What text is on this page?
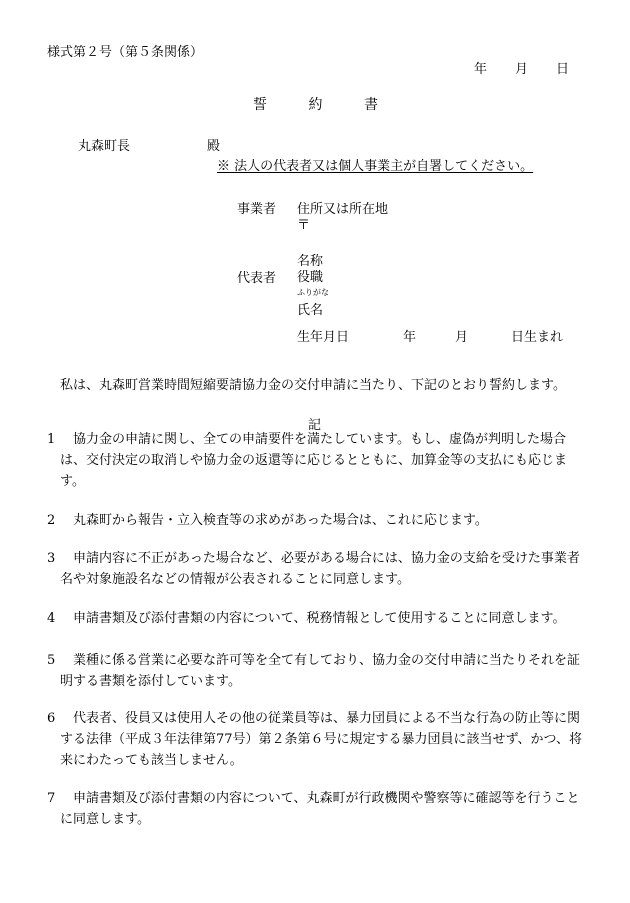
様式第２号（第５条関係）
年 月 日
誓	約	書
丸森町長	殿
※ 法人の代表者又は個人事業主が自署してください。
事業者 住所又は所在地
〒
名称
代表者 役職
ふりがな
氏名
生年月日	年	月	日生まれ
私は、丸森町営業時間短縮要請協力金の交付申請に当たり、下記のとおり誓約します。
記
1	協力金の申請に関し、全ての申請要件を満たしています。もし、虚偽が判明した場合は、交付決定の取消しや協力金の返還等に応じるとともに、加算金等の支払にも応じます。
2	丸森町から報告・立入検査等の求めがあった場合は、これに応じます。
3	申請内容に不正があった場合など、必要がある場合には、協力金の支給を受けた事業者名や対象施設名などの情報が公表されることに同意します。
4	申請書類及び添付書類の内容について、税務情報として使用することに同意します。
5	業種に係る営業に必要な許可等を全て有しており、協力金の交付申請に当たりそれを証明する書類を添付しています。
6	代表者、役員又は使用人その他の従業員等は、暴力団員による不当な行為の防止等に関する法律（平成３年法律第77号）第２条第６号に規定する暴力団員に該当せず、かつ、将来にわたっても該当しません。
7	申請書類及び添付書類の内容について、丸森町が行政機関や警察等に確認等を行うことに同意します。
